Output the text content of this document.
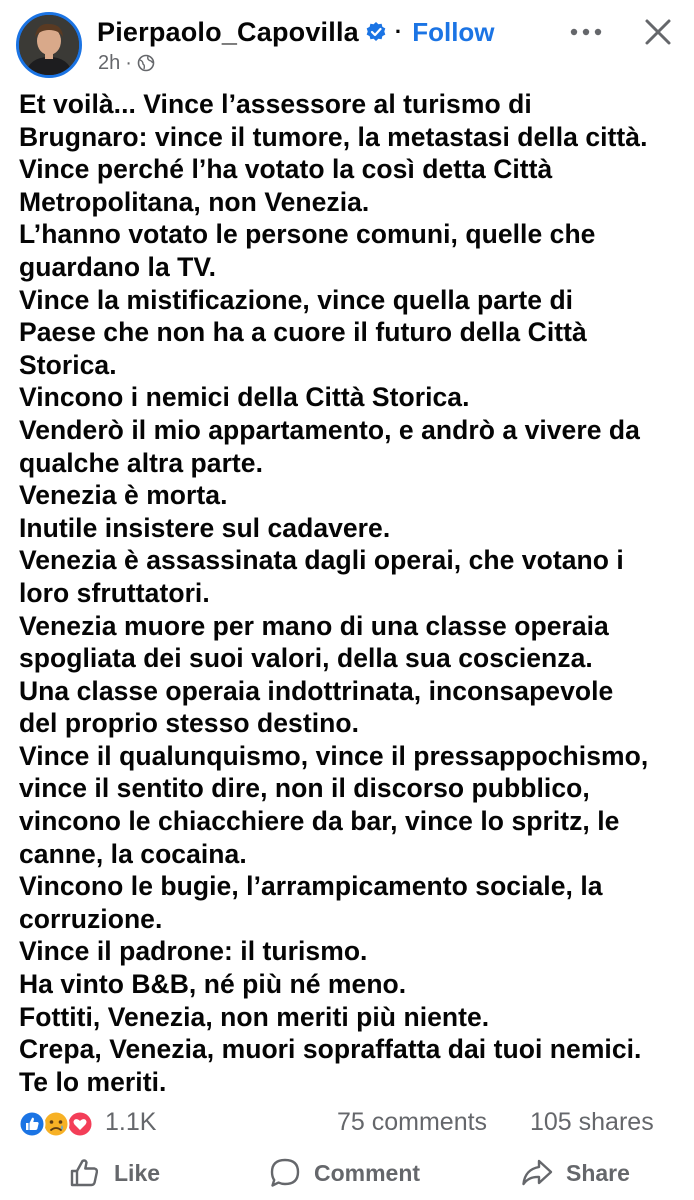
Pierpaolo_Capovilla · Follow
2h ·
Et voilà... Vince l’assessore al turismo di
Brugnaro: vince il tumore, la metastasi della città.
Vince perché l’ha votato la così detta Città
Metropolitana, non Venezia.
L’hanno votato le persone comuni, quelle che
guardano la TV.
Vince la mistificazione, vince quella parte di
Paese che non ha a cuore il futuro della Città
Storica.
Vincono i nemici della Città Storica.
Venderò il mio appartamento, e andrò a vivere da
qualche altra parte.
Venezia è morta.
Inutile insistere sul cadavere.
Venezia è assassinata dagli operai, che votano i
loro sfruttatori.
Venezia muore per mano di una classe operaia
spogliata dei suoi valori, della sua coscienza.
Una classe operaia indottrinata, inconsapevole
del proprio stesso destino.
Vince il qualunquismo, vince il pressappochismo,
vince il sentito dire, non il discorso pubblico,
vincono le chiacchiere da bar, vince lo spritz, le
canne, la cocaina.
Vincono le bugie, l’arrampicamento sociale, la
corruzione.
Vince il padrone: il turismo.
Ha vinto B&B, né più né meno.
Fottiti, Venezia, non meriti più niente.
Crepa, Venezia, muori sopraffatta dai tuoi nemici.
Te lo meriti.
1.1K	75 comments 105 shares
Like	Comment	Share
